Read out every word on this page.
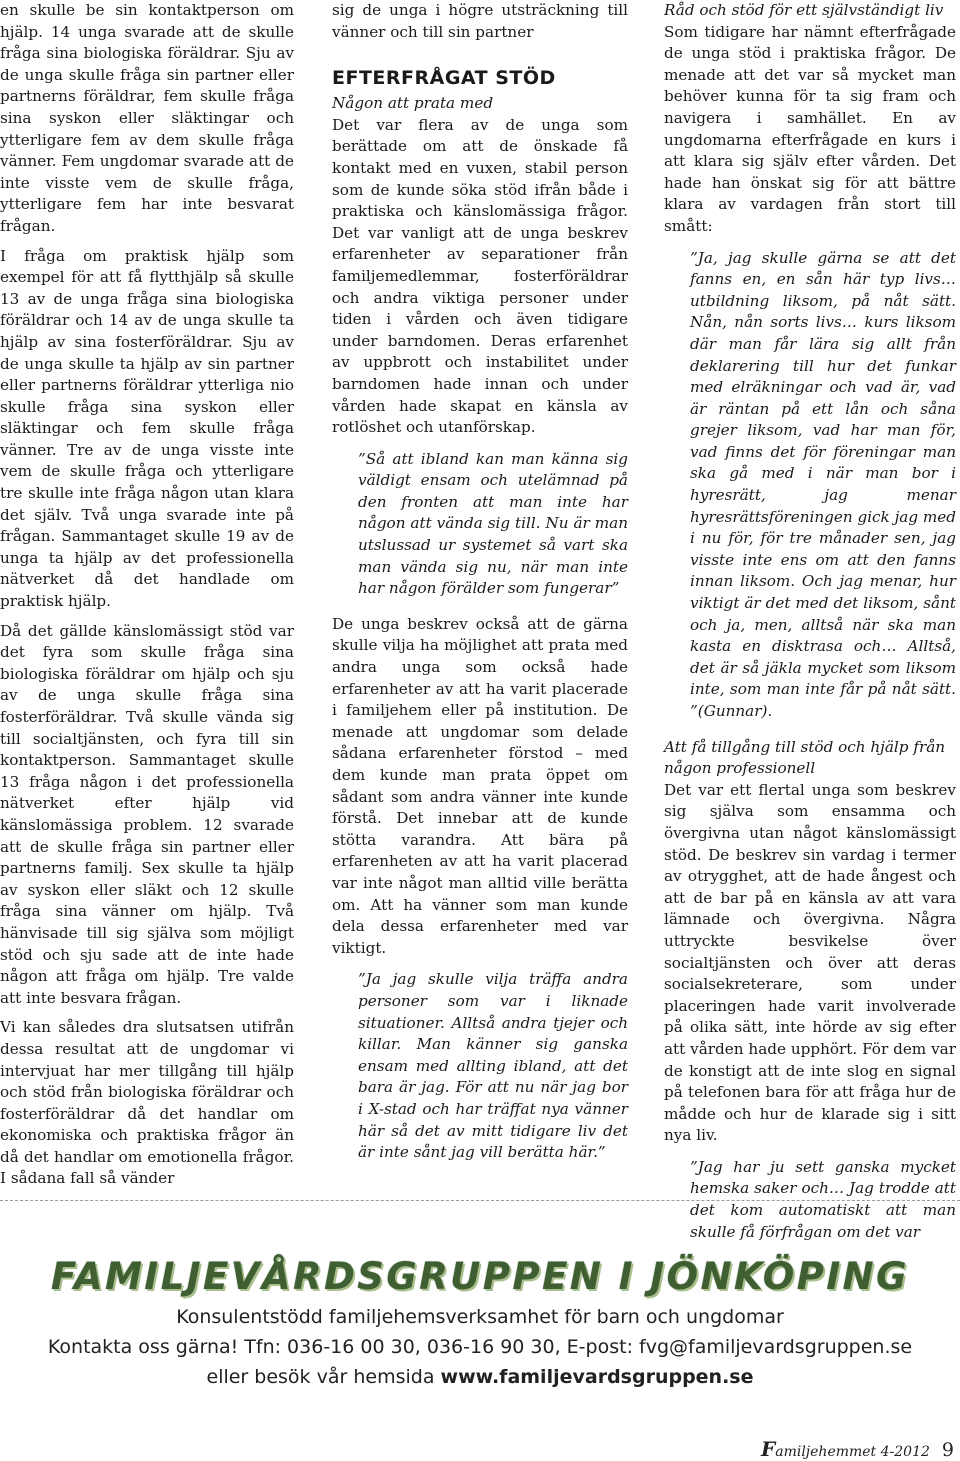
en skulle be sin kontaktperson om hjälp. 14 unga svarade att de skulle fråga sina biologiska föräldrar. Sju av de unga skulle fråga sin partner eller partnerns föräldrar, fem skulle fråga sina syskon eller släktingar och ytterligare fem av dem skulle fråga vänner. Fem ungdomar svarade att de inte visste vem de skulle fråga, ytterligare fem har inte besvarat frågan.

I fråga om praktisk hjälp som exempel för att få flytthjälp så skulle 13 av de unga fråga sina biologiska föräldrar och 14 av de unga skulle ta hjälp av sina fosterföräldrar. Sju av de unga skulle ta hjälp av sin partner eller partnerns föräldrar ytterliga nio skulle fråga sina syskon eller släktingar och fem skulle fråga vänner. Tre av de unga visste inte vem de skulle fråga och ytterligare tre skulle inte fråga någon utan klara det själv. Två unga svarade inte på frågan. Sammantaget skulle 19 av de unga ta hjälp av det professionella nätverket då det handlade om praktisk hjälp.

Då det gällde känslomässigt stöd var det fyra som skulle fråga sina biologiska föräldrar om hjälp och sju av de unga skulle fråga sina fosterföräldrar. Två skulle vända sig till socialtjänsten, och fyra till sin kontaktperson. Sammantaget skulle 13 fråga någon i det professionella nätverket efter hjälp vid känslomässiga problem. 12 svarade att de skulle fråga sin partner eller partnerns familj. Sex skulle ta hjälp av syskon eller släkt och 12 skulle fråga sina vänner om hjälp. Två hänvisade till sig själva som möjligt stöd och sju sade att de inte hade någon att fråga om hjälp. Tre valde att inte besvara frågan.

Vi kan således dra slutsatsen utifrån dessa resultat att de ungdomar vi intervjuat har mer tillgång till hjälp och stöd från biologiska föräldrar och fosterföräldrar då det handlar om ekonomiska och praktiska frågor än då det handlar om emotionella frågor. I sådana fall så vänder

sig de unga i högre utsträckning till vänner och till sin partner

EFTERFRÅGAT STÖD
Någon att prata med

Det var flera av de unga som berättade om att de önskade få kontakt med en vuxen, stabil person som de kunde söka stöd ifrån både i praktiska och känslomässiga frågor. Det var vanligt att de unga beskrev erfarenheter av separationer från familjemedlemmar, fosterföräldrar och andra viktiga personer under tiden i vården och även tidigare under barndomen. Deras erfarenhet av uppbrott och instabilitet under barndomen hade innan och under vården hade skapat en känsla av rotlöshet och utanförskap.

”Så att ibland kan man känna sig väldigt ensam och utelämnad på den fronten att man inte har någon att vända sig till. Nu är man utslussad ur systemet så vart ska man vända sig nu, när man inte har någon förälder som fungerar”

De unga beskrev också att de gärna skulle vilja ha möjlighet att prata med andra unga som också hade erfarenheter av att ha varit placerade i familjehem eller på institution. De menade att ungdomar som delade sådana erfarenheter förstod – med dem kunde man prata öppet om sådant som andra vänner inte kunde förstå. Det innebar att de kunde stötta varandra. Att bära på erfarenheten av att ha varit placerad var inte något man alltid ville berätta om. Att ha vänner som man kunde dela dessa erfarenheter med var viktigt.

”Ja jag skulle vilja träffa andra personer som var i liknade situationer. Alltså andra tjejer och killar. Man känner sig ganska ensam med allting ibland, att det bara är jag. För att nu när jag bor i X-stad och har träffat nya vänner här så det av mitt tidigare liv det är inte sånt jag vill berätta här.”

Råd och stöd för ett självständigt liv

Som tidigare har nämnt efterfrågade de unga stöd i praktiska frågor. De menade att det var så mycket man behöver kunna för ta sig fram och navigera i samhället. En av ungdomarna efterfrågade en kurs i att klara sig själv efter vården. Det hade han önskat sig för att bättre klara av vardagen från stort till smått:

”Ja, jag skulle gärna se att det fanns en, en sån här typ livs… utbildning liksom, på nåt sätt. Nån, nån sorts livs… kurs liksom där man får lära sig allt från deklarering till hur det funkar med elräkningar och vad är, vad är räntan på ett lån och såna grejer liksom, vad har man för, vad finns det för föreningar man ska gå med i när man bor i hyresrätt, jag menar hyresrättsföreningen gick jag med i nu för, för tre månader sen, jag visste inte ens om att den fanns innan liksom. Och jag menar, hur viktigt är det med det liksom, sånt och ja, men, alltså när ska man kasta en disktrasa och… Alltså, det är så jäkla mycket som liksom inte, som man inte får på nåt sätt. ”(Gunnar).

Att få tillgång till stöd och hjälp från någon professionell

Det var ett flertal unga som beskrev sig själva som ensamma och övergivna utan något känslomässigt stöd. De beskrev sin vardag i termer av otrygghet, att de hade ångest och att de bar på en känsla av att vara lämnade och övergivna. Några uttryckte besvikelse över socialtjänsten och över att deras socialsekreterare, som under placeringen hade varit involverade på olika sätt, inte hörde av sig efter att vården hade upphört. För dem var de konstigt att de inte slog en signal på telefonen bara för att fråga hur de mådde och hur de klarade sig i sitt nya liv.

”Jag har ju sett ganska mycket hemska saker och… Jag trodde att det kom automatiskt att man skulle få förfrågan om det var

FAMILJEVÅRDSGRUPPEN I JÖNKÖPING
Konsulentstödd familjehemsverksamhet för barn och ungdomar
Kontakta oss gärna! Tfn: 036-16 00 30, 036-16 90 30, E-post: fvg@familjevardsgruppen.se
eller besök vår hemsida www.familjevardsgruppen.se
Familjehemmet 4-2012 9
